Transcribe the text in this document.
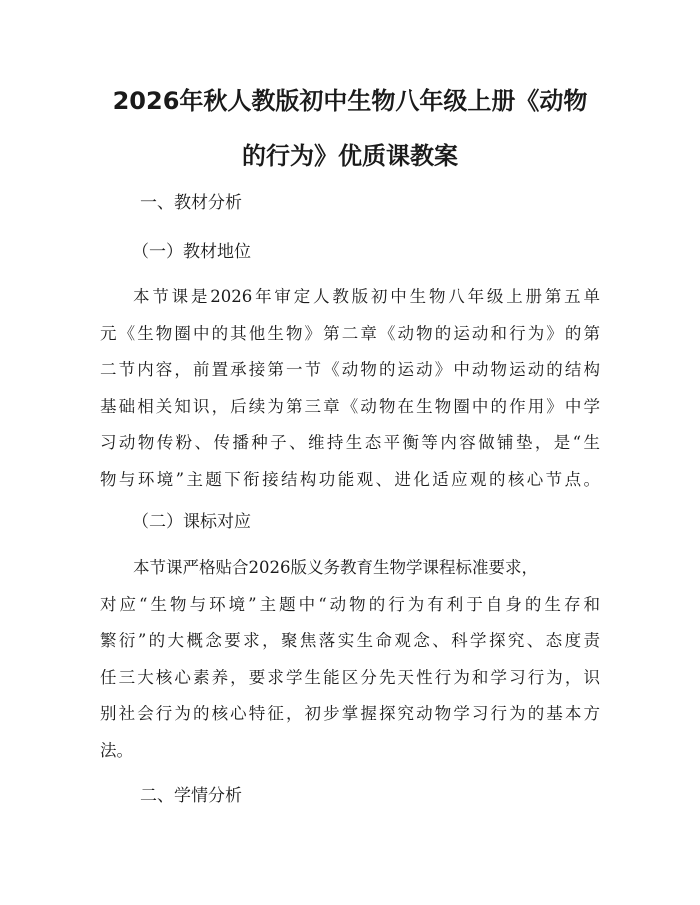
2026年秋人教版初中生物八年级上册《动物
的行为》优质课教案

一、教材分析

（一）教材地位

本节课是2026年审定人教版初中生物八年级上册第五单
元《生物圈中的其他生物》第二章《动物的运动和行为》的第
二节内容，前置承接第一节《动物的运动》中动物运动的结构
基础相关知识，后续为第三章《动物在生物圈中的作用》中学
习动物传粉、传播种子、维持生态平衡等内容做铺垫，是“生
物与环境”主题下衔接结构功能观、进化适应观的核心节点。

（二）课标对应

本节课严格贴合2026版义务教育生物学课程标准要求，
对应“生物与环境”主题中“动物的行为有利于自身的生存和
繁衍”的大概念要求，聚焦落实生命观念、科学探究、态度责
任三大核心素养，要求学生能区分先天性行为和学习行为，识
别社会行为的核心特征，初步掌握探究动物学习行为的基本方
法。

二、学情分析
